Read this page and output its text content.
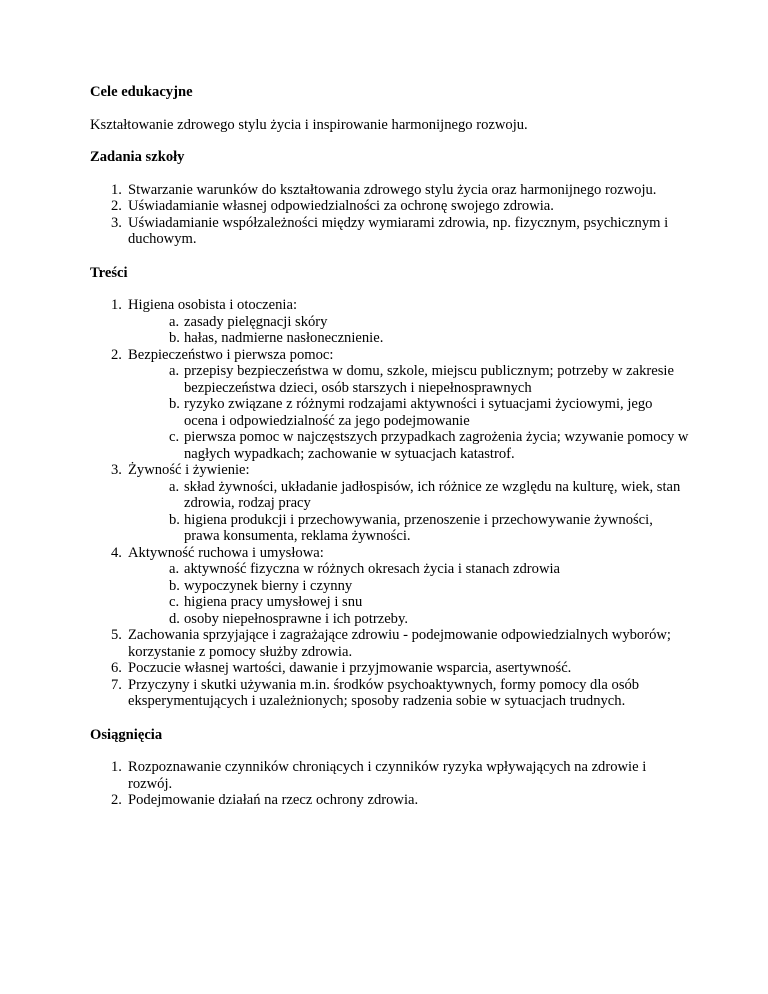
Cele edukacyjne

Kształtowanie zdrowego stylu życia i inspirowanie harmonijnego rozwoju.

Zadania szkoły
1. Stwarzanie warunków do kształtowania zdrowego stylu życia oraz harmonijnego rozwoju.
2. Uświadamianie własnej odpowiedzialności za ochronę swojego zdrowia.
3. Uświadamianie współzależności między wymiarami zdrowia, np. fizycznym, psychicznym i duchowym.
Treści
1. Higiena osobista i otoczenia:
a. zasady pielęgnacji skóry
b. hałas, nadmierne nasłonecznienie.
2. Bezpieczeństwo i pierwsza pomoc:
a. przepisy bezpieczeństwa w domu, szkole, miejscu publicznym; potrzeby w zakresie bezpieczeństwa dzieci, osób starszych i niepełnosprawnych
b. ryzyko związane z różnymi rodzajami aktywności i sytuacjami życiowymi, jego ocena i odpowiedzialność za jego podejmowanie
c. pierwsza pomoc w najczęstszych przypadkach zagrożenia życia; wzywanie pomocy w nagłych wypadkach; zachowanie w sytuacjach katastrof.
3. Żywność i żywienie:
a. skład żywności, układanie jadłospisów, ich różnice ze względu na kulturę, wiek, stan zdrowia, rodzaj pracy
b. higiena produkcji i przechowywania, przenoszenie i przechowywanie żywności, prawa konsumenta, reklama żywności.
4. Aktywność ruchowa i umysłowa:
a. aktywność fizyczna w różnych okresach życia i stanach zdrowia
b. wypoczynek bierny i czynny
c. higiena pracy umysłowej i snu
d. osoby niepełnosprawne i ich potrzeby.
5. Zachowania sprzyjające i zagrażające zdrowiu - podejmowanie odpowiedzialnych wyborów; korzystanie z pomocy służby zdrowia.
6. Poczucie własnej wartości, dawanie i przyjmowanie wsparcia, asertywność.
7. Przyczyny i skutki używania m.in. środków psychoaktywnych, formy pomocy dla osób eksperymentujących i uzależnionych; sposoby radzenia sobie w sytuacjach trudnych.
Osiągnięcia
1. Rozpoznawanie czynników chroniących i czynników ryzyka wpływających na zdrowie i rozwój.
2. Podejmowanie działań na rzecz ochrony zdrowia.
